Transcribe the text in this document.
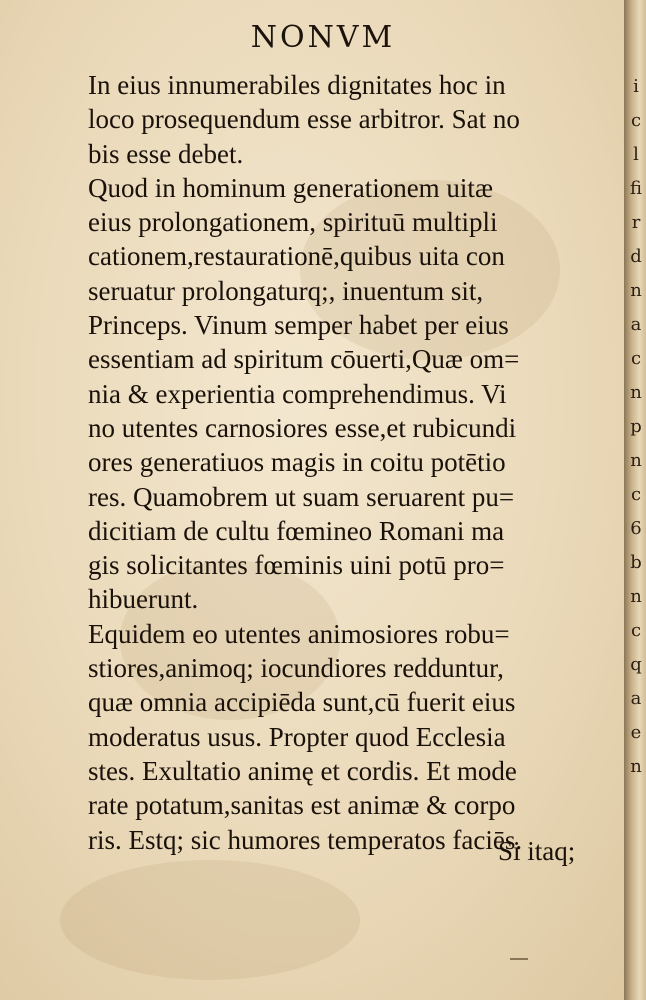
NONVM
In eius innumerabiles dignitates hoc in
loco prosequendum esse arbitror. Sat no
bis esse debet.
Quod in hominum generationem uitæ
eius prolongationem, spirituū multipli
cationem,restaurationē,quibus uita con
seruatur prolongaturq;, inuentum sit,
Princeps. Vinum semper habet per eius
essentiam ad spiritum cōuerti,Quæ om=
nia & experientia comprehendimus. Vi
no utentes carnosiores esse,et rubicundi
ores generatiuos magis in coitu potētio
res. Quamobrem ut suam seruarent pu=
dicitiam de cultu fœmineo Romani ma
gis solicitantes fœminis uini potū pro=
hibuerunt.
Equidem eo utentes animosiores robu=
stiores,animoq; iocundiores redduntur,
quæ omnia accipiēda sunt,cū fuerit eius
moderatus usus. Propter quod Ecclesia
stes. Exultatio animę et cordis. Et mode
rate potatum,sanitas est animæ & corpo
ris. Estq; sic humores temperatos faciēs.
Si itaq;
i
c
l
fi
r
d
n
a
c
n
p
n
c
6
b
n
c
q
a
e
n
